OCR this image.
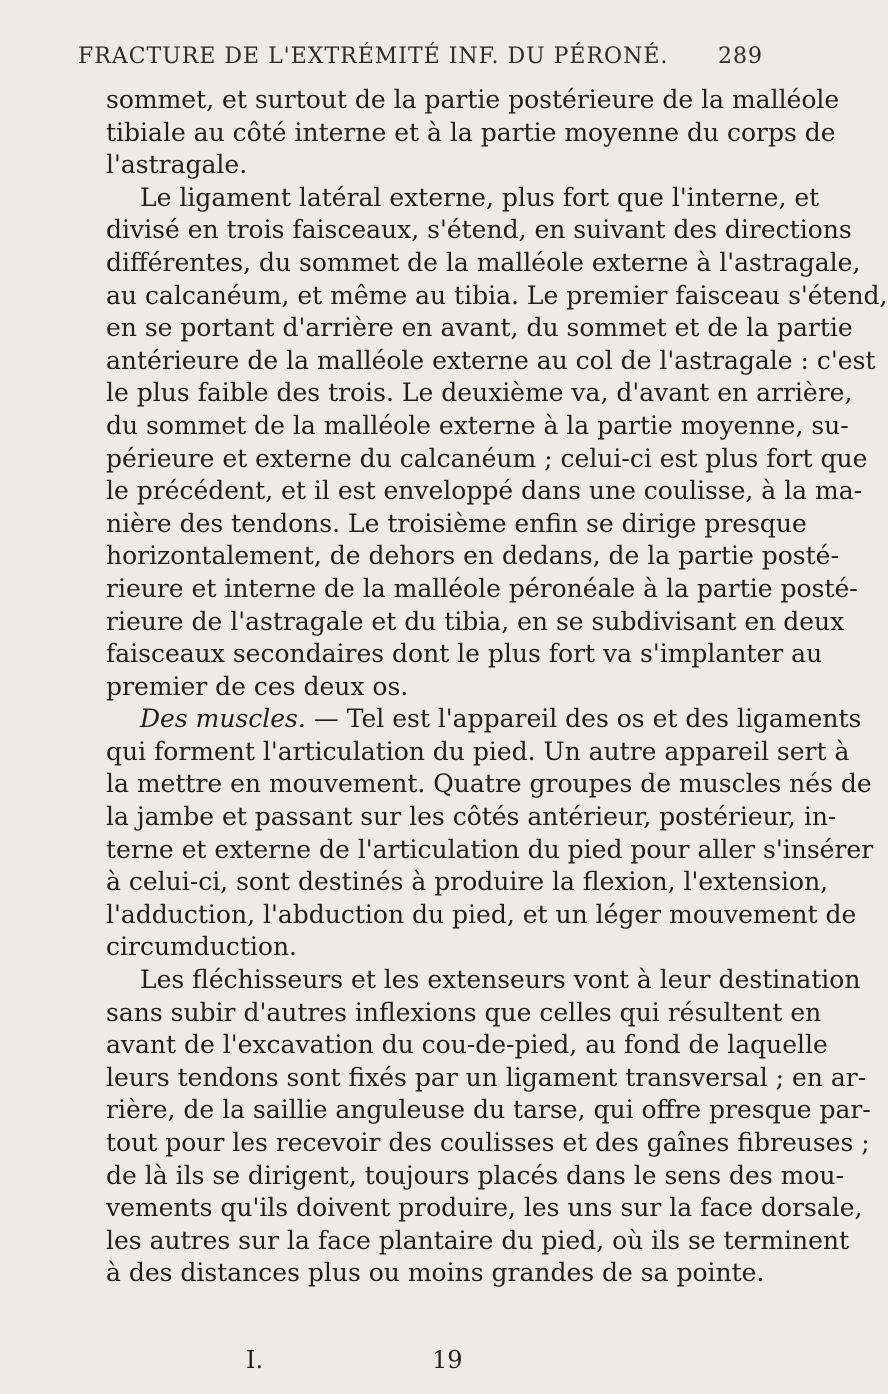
FRACTURE DE L'EXTRÉMITÉ INF. DU PÉRONÉ. 289
sommet, et surtout de la partie postérieure de la malléole
tibiale au côté interne et à la partie moyenne du corps de
l'astragale.
Le ligament latéral externe, plus fort que l'interne, et
divisé en trois faisceaux, s'étend, en suivant des directions
différentes, du sommet de la malléole externe à l'astragale,
au calcanéum, et même au tibia. Le premier faisceau s'étend,
en se portant d'arrière en avant, du sommet et de la partie
antérieure de la malléole externe au col de l'astragale : c'est
le plus faible des trois. Le deuxième va, d'avant en arrière,
du sommet de la malléole externe à la partie moyenne, su-
périeure et externe du calcanéum ; celui-ci est plus fort que
le précédent, et il est enveloppé dans une coulisse, à la ma-
nière des tendons. Le troisième enfin se dirige presque
horizontalement, de dehors en dedans, de la partie posté-
rieure et interne de la malléole péronéale à la partie posté-
rieure de l'astragale et du tibia, en se subdivisant en deux
faisceaux secondaires dont le plus fort va s'implanter au
premier de ces deux os.
Des muscles. — Tel est l'appareil des os et des ligaments
qui forment l'articulation du pied. Un autre appareil sert à
la mettre en mouvement. Quatre groupes de muscles nés de
la jambe et passant sur les côtés antérieur, postérieur, in-
terne et externe de l'articulation du pied pour aller s'insérer
à celui-ci, sont destinés à produire la flexion, l'extension,
l'adduction, l'abduction du pied, et un léger mouvement de
circumduction.
Les fléchisseurs et les extenseurs vont à leur destination
sans subir d'autres inflexions que celles qui résultent en
avant de l'excavation du cou-de-pied, au fond de laquelle
leurs tendons sont fixés par un ligament transversal ; en ar-
rière, de la saillie anguleuse du tarse, qui offre presque par-
tout pour les recevoir des coulisses et des gaînes fibreuses ;
de là ils se dirigent, toujours placés dans le sens des mou-
vements qu'ils doivent produire, les uns sur la face dorsale,
les autres sur la face plantaire du pied, où ils se terminent
à des distances plus ou moins grandes de sa pointe.
I.	19
